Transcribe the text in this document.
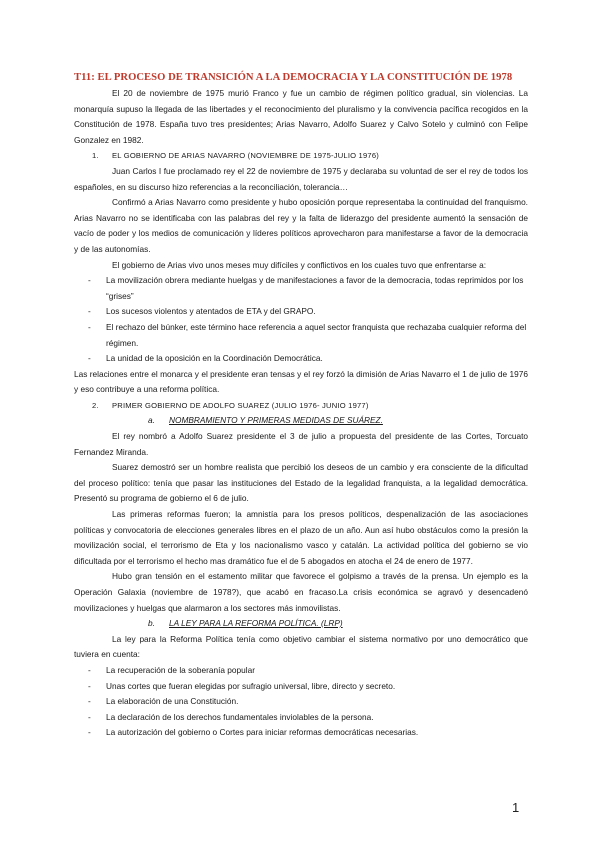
T11: EL PROCESO DE TRANSICIÓN A LA DEMOCRACIA Y LA CONSTITUCIÓN DE 1978

El 20 de noviembre de 1975 murió Franco y fue un cambio de régimen político gradual, sin violencias. La monarquía supuso la llegada de las libertades y el reconocimiento del pluralismo y la convivencia pacífica recogidos en la Constitución de 1978. España tuvo tres presidentes; Arias Navarro, Adolfo Suarez y Calvo Sotelo y culminó con Felipe Gonzalez en 1982.

1. EL GOBIERNO DE ARIAS NAVARRO (NOVIEMBRE DE 1975-JULIO 1976)

Juan Carlos I fue proclamado rey el 22 de noviembre de 1975 y declaraba su voluntad de ser el rey de todos los españoles, en su discurso hizo referencias a la reconciliación, tolerancia…

Confirmó a Arias Navarro como presidente y hubo oposición porque representaba la continuidad del franquismo. Arias Navarro no se identificaba con las palabras del rey y la falta de liderazgo del presidente aumentó la sensación de vacío de poder y los medios de comunicación y líderes políticos aprovecharon para manifestarse a favor de la democracia y de las autonomías.

El gobierno de Arias vivo unos meses muy difíciles y conflictivos en los cuales tuvo que enfrentarse a:

- La movilización obrera mediante huelgas y de manifestaciones a favor de la democracia, todas reprimidos por los “grises”
- Los sucesos violentos y atentados de ETA y del GRAPO.
- El rechazo del búnker, este término hace referencia a aquel sector franquista que rechazaba cualquier reforma del régimen.
- La unidad de la oposición en la Coordinación Democrática.

Las relaciones entre el monarca y el presidente eran tensas y el rey forzó la dimisión de Arias Navarro el 1 de julio de 1976 y eso contribuye a una reforma política.

2. PRIMER GOBIERNO DE ADOLFO SUAREZ (JULIO 1976- JUNIO 1977)
a. NOMBRAMIENTO Y PRIMERAS MEDIDAS DE SUÁREZ.

El rey nombró a Adolfo Suarez presidente el 3 de julio a propuesta del presidente de las Cortes, Torcuato Fernandez Miranda.

Suarez demostró ser un hombre realista que percibió los deseos de un cambio y era consciente de la dificultad del proceso político: tenía que pasar las instituciones del Estado de la legalidad franquista, a la legalidad democrática. Presentó su programa de gobierno el 6 de julio.

Las primeras reformas fueron; la amnistía para los presos políticos, despenalización de las asociaciones políticas y convocatoria de elecciones generales libres en el plazo de un año. Aun así hubo obstáculos como la presión la movilización social, el terrorismo de Eta y los nacionalismo vasco y catalán. La actividad política del gobierno se vio dificultada por el terrorismo el hecho mas dramático fue el de 5 abogados en atocha el 24 de enero de 1977.

Hubo gran tensión en el estamento militar que favorece el golpismo a través de la prensa. Un ejemplo es la Operación Galaxia (noviembre de 1978?), que acabó en fracaso.La crisis económica se agravó y desencadenó movilizaciones y huelgas que alarmaron a los sectores más inmovilistas.

b. LA LEY PARA LA REFORMA POLÍTICA. (LRP)

La ley para la Reforma Política tenía como objetivo cambiar el sistema normativo por uno democrático que tuviera en cuenta:

- La recuperación de la soberanía popular
- Unas cortes que fueran elegidas por sufragio universal, libre, directo y secreto.
- La elaboración de una Constitución.
- La declaración de los derechos fundamentales inviolables de la persona.
- La autorización del gobierno o Cortes para iniciar reformas democráticas necesarias.
1
